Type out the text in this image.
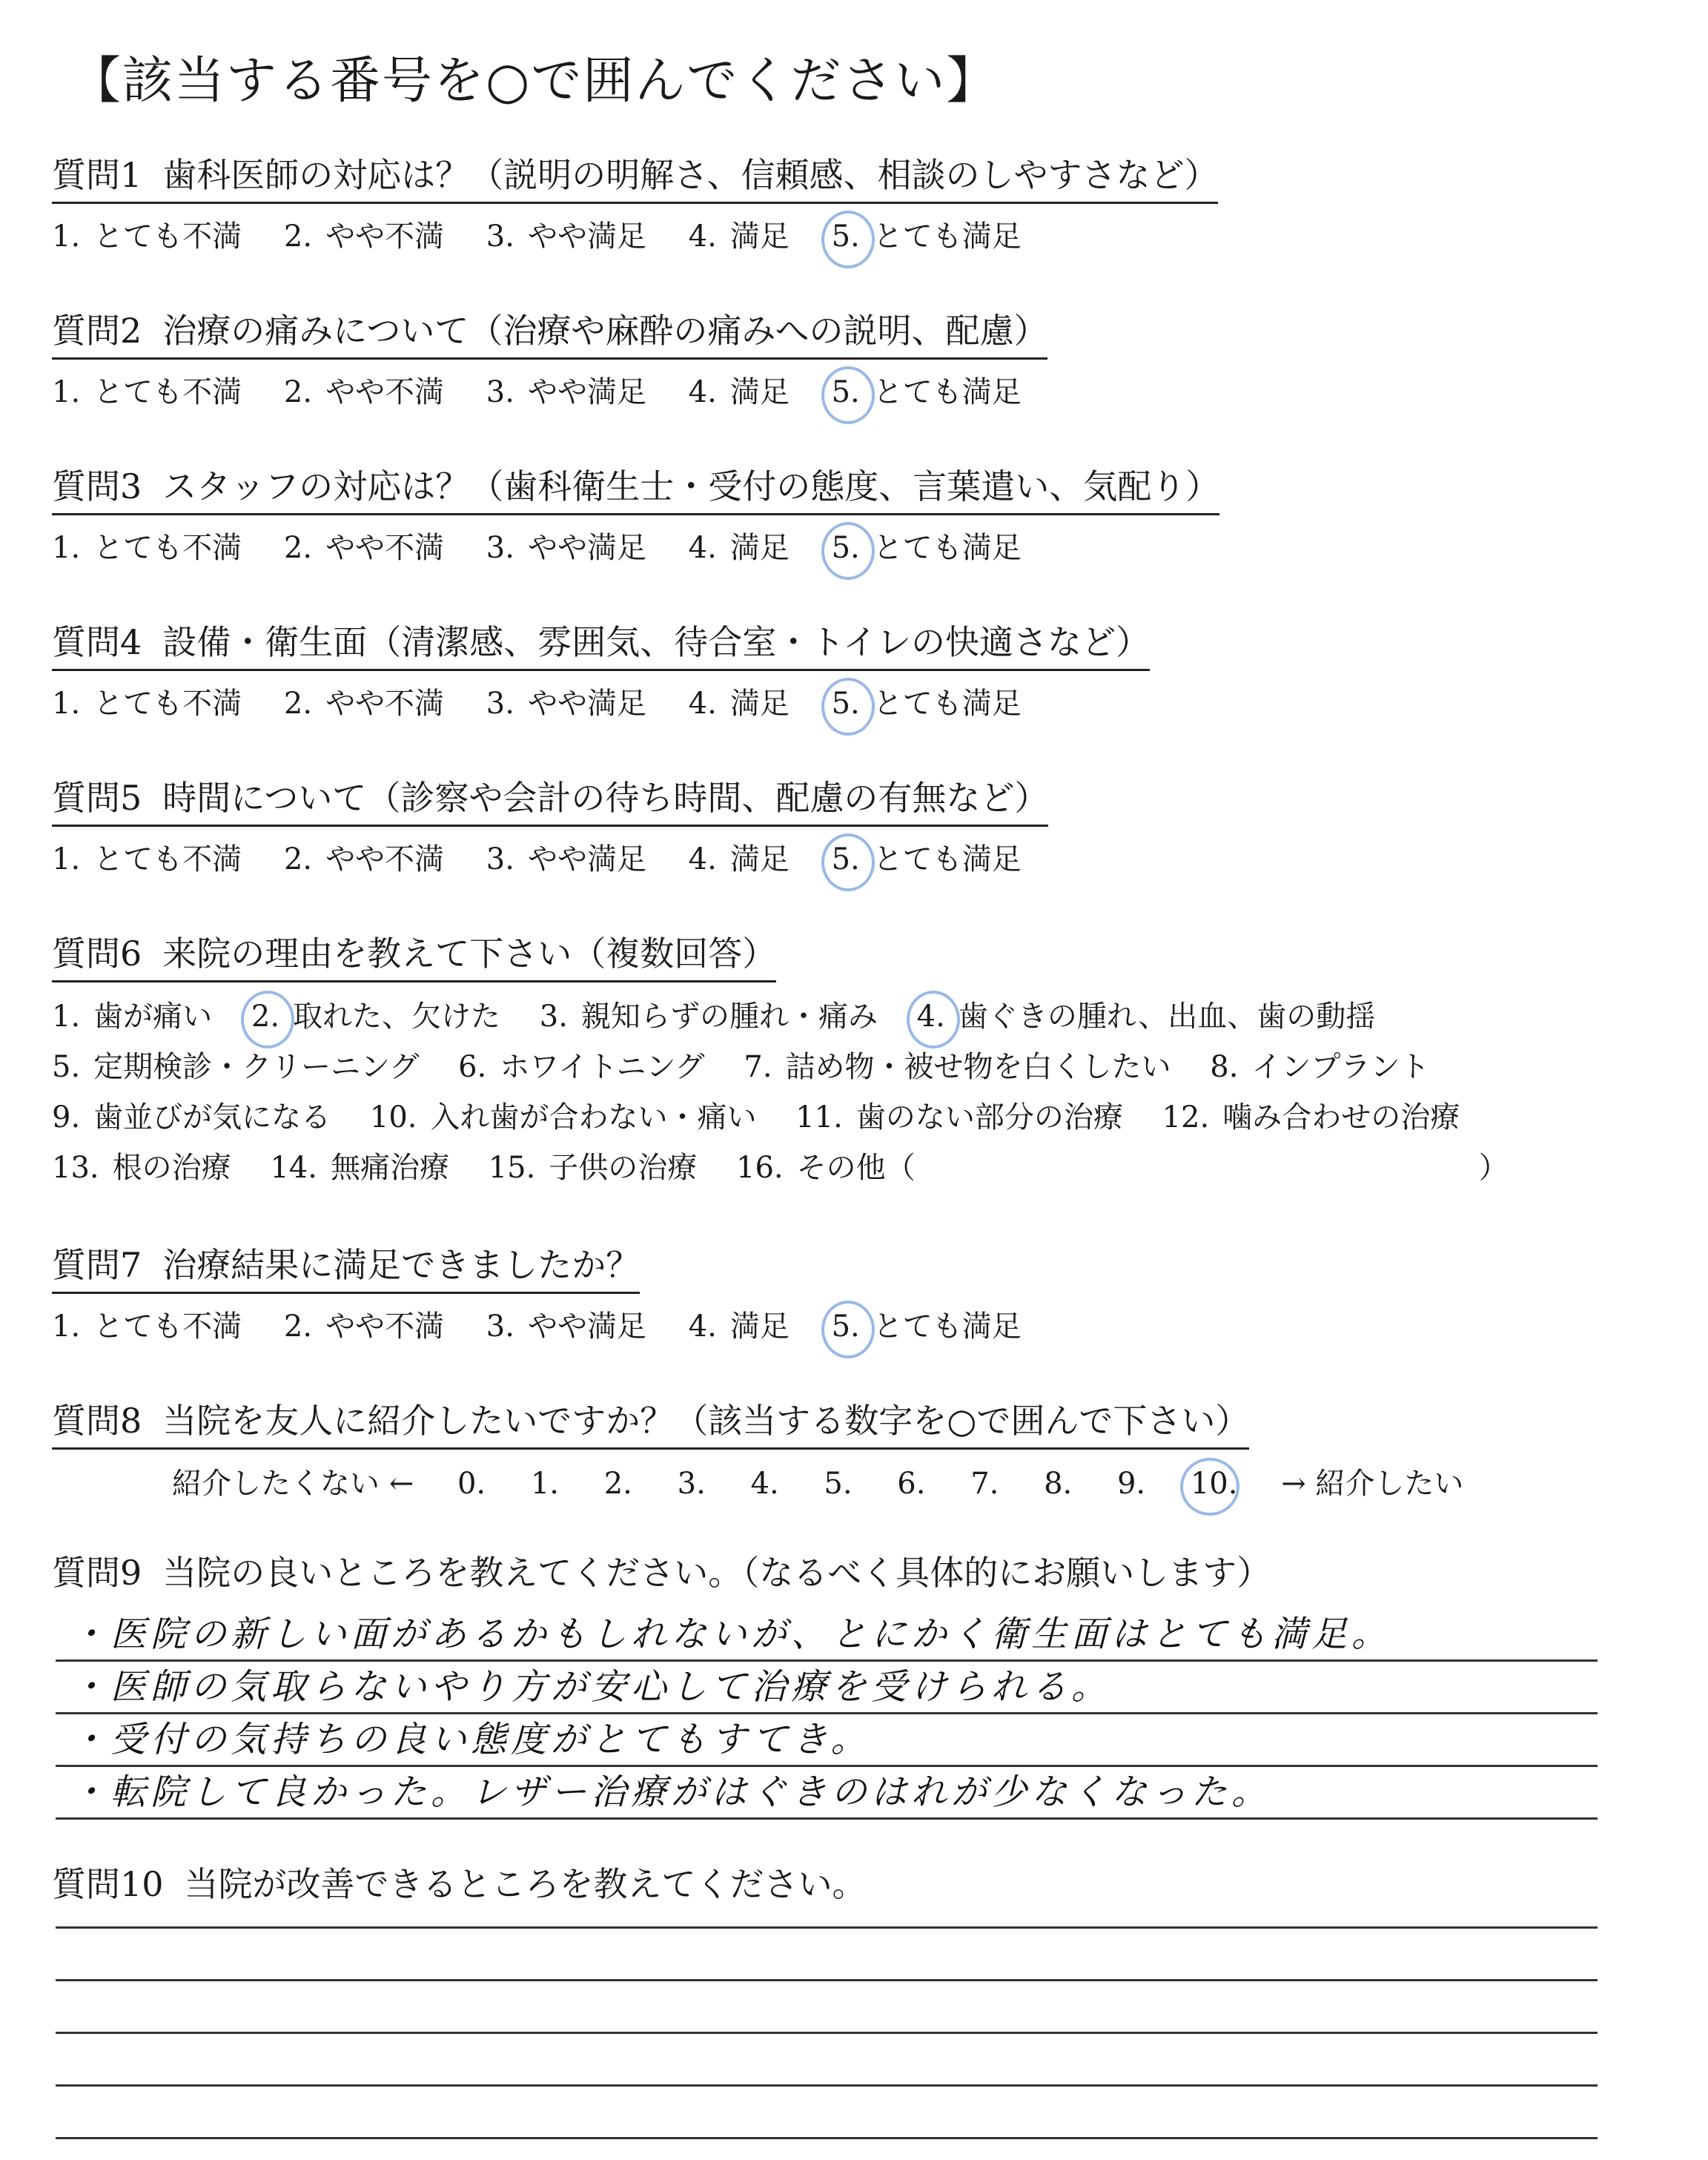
【該当する番号を○で囲んでください】
質問1 歯科医師の対応は？（説明の明解さ、信頼感、相談のしやすさなど）
1. とても不満 2. やや不満 3. やや満足 4. 満足 5. とても満足
質問2 治療の痛みについて（治療や麻酔の痛みへの説明、配慮）
1. とても不満 2. やや不満 3. やや満足 4. 満足 5. とても満足
質問3 スタッフの対応は？（歯科衛生士・受付の態度、言葉遣い、気配り）
1. とても不満 2. やや不満 3. やや満足 4. 満足 5. とても満足
質問4 設備・衛生面（清潔感、雰囲気、待合室・トイレの快適さなど）
1. とても不満 2. やや不満 3. やや満足 4. 満足 5. とても満足
質問5 時間について（診察や会計の待ち時間、配慮の有無など）
1. とても不満 2. やや不満 3. やや満足 4. 満足 5. とても満足
質問6 来院の理由を教えて下さい（複数回答）
1. 歯が痛い 2. 取れた、欠けた 3. 親知らずの腫れ・痛み 4. 歯ぐきの腫れ、出血、歯の動揺
5. 定期検診・クリーニング 6. ホワイトニング 7. 詰め物・被せ物を白くしたい 8. インプラント
9. 歯並びが気になる 10. 入れ歯が合わない・痛い 11. 歯のない部分の治療 12. 噛み合わせの治療
13. 根の治療 14. 無痛治療 15. 子供の治療 16. その他（	）
質問7 治療結果に満足できましたか？
1. とても不満 2. やや不満 3. やや満足 4. 満足 5. とても満足
質問8 当院を友人に紹介したいですか？（該当する数字を○で囲んで下さい）
紹介したくない ← 0. 1. 2. 3. 4. 5. 6. 7. 8. 9. 10. → 紹介したい
質問9 当院の良いところを教えてください。（なるべく具体的にお願いします）
・医院の新しい面があるかもしれないが、とにかく衛生面はとても満足。
・医師の気取らないやり方が安心して治療を受けられる。
・受付の気持ちの良い態度がとてもすてき。
・転院して良かった。レザー治療がはぐきのはれが少なくなった。
質問10 当院が改善できるところを教えてください。
